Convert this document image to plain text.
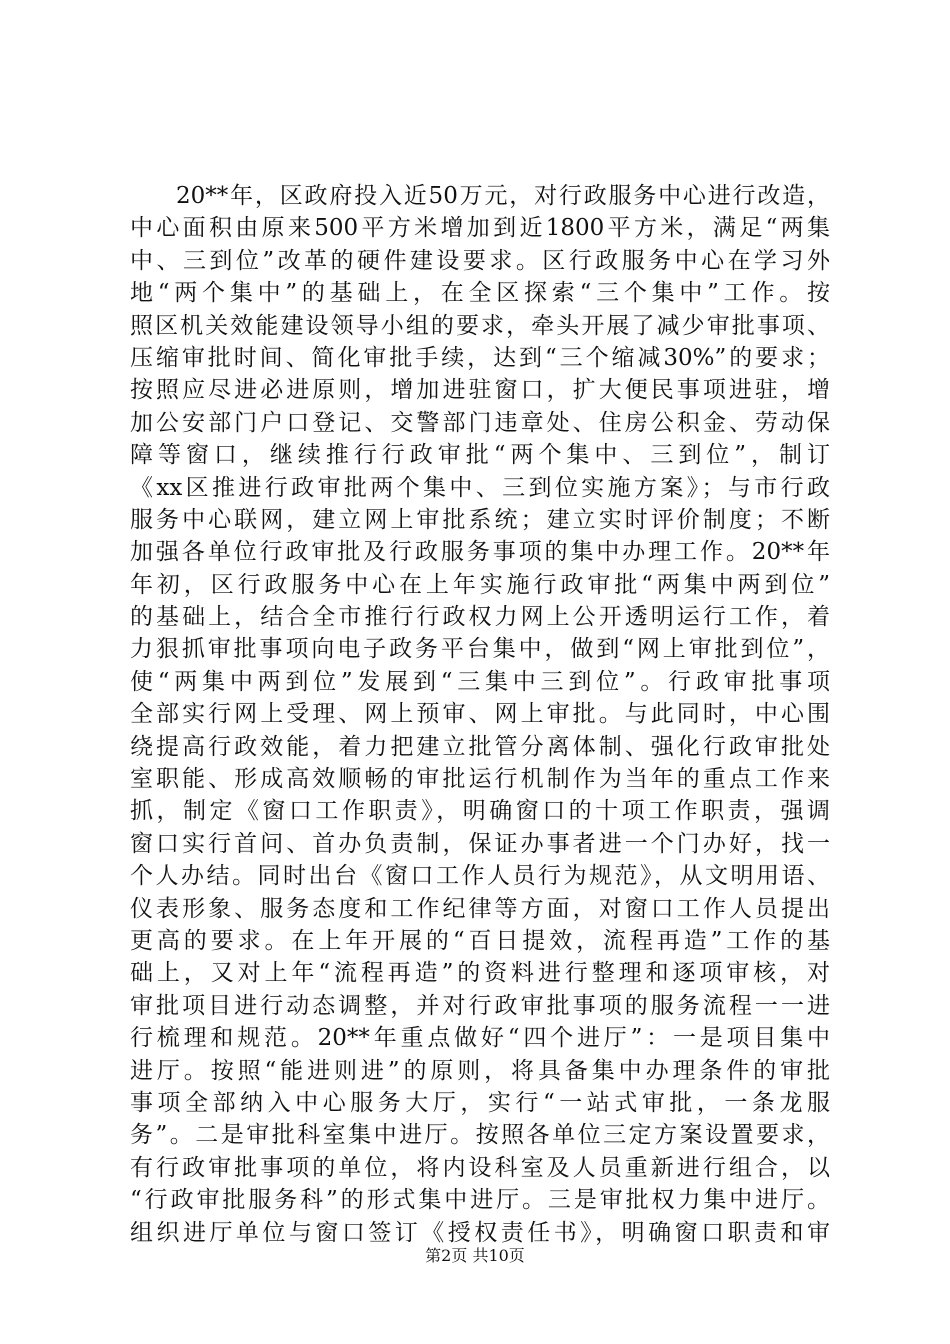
20**年，区政府投入近50万元，对行政服务中心进行改造，
中心面积由原来500平方米增加到近1800平方米，满足“两集
中、三到位”改革的硬件建设要求。区行政服务中心在学习外
地“两个集中”的基础上，在全区探索“三个集中”工作。按
照区机关效能建设领导小组的要求，牵头开展了减少审批事项、
压缩审批时间、简化审批手续，达到“三个缩减30%”的要求；
按照应尽进必进原则，增加进驻窗口，扩大便民事项进驻，增
加公安部门户口登记、交警部门违章处、住房公积金、劳动保
障等窗口，继续推行行政审批“两个集中、三到位”，制订
《xx区推进行政审批两个集中、三到位实施方案》；与市行政
服务中心联网，建立网上审批系统；建立实时评价制度；不断
加强各单位行政审批及行政服务事项的集中办理工作。20**年
年初，区行政服务中心在上年实施行政审批“两集中两到位”
的基础上，结合全市推行行政权力网上公开透明运行工作，着
力狠抓审批事项向电子政务平台集中，做到“网上审批到位”，
使“两集中两到位”发展到“三集中三到位”。行政审批事项
全部实行网上受理、网上预审、网上审批。与此同时，中心围
绕提高行政效能，着力把建立批管分离体制、强化行政审批处
室职能、形成高效顺畅的审批运行机制作为当年的重点工作来
抓，制定《窗口工作职责》，明确窗口的十项工作职责，强调
窗口实行首问、首办负责制，保证办事者进一个门办好，找一
个人办结。同时出台《窗口工作人员行为规范》，从文明用语、
仪表形象、服务态度和工作纪律等方面，对窗口工作人员提出
更高的要求。在上年开展的“百日提效，流程再造”工作的基
础上，又对上年“流程再造”的资料进行整理和逐项审核，对
审批项目进行动态调整，并对行政审批事项的服务流程一一进
行梳理和规范。20**年重点做好“四个进厅”：一是项目集中
进厅。按照“能进则进”的原则，将具备集中办理条件的审批
事项全部纳入中心服务大厅，实行“一站式审批，一条龙服
务”。二是审批科室集中进厅。按照各单位三定方案设置要求，
有行政审批事项的单位，将内设科室及人员重新进行组合，以
“行政审批服务科”的形式集中进厅。三是审批权力集中进厅。
组织进厅单位与窗口签订《授权责任书》，明确窗口职责和审
第2页 共10页
